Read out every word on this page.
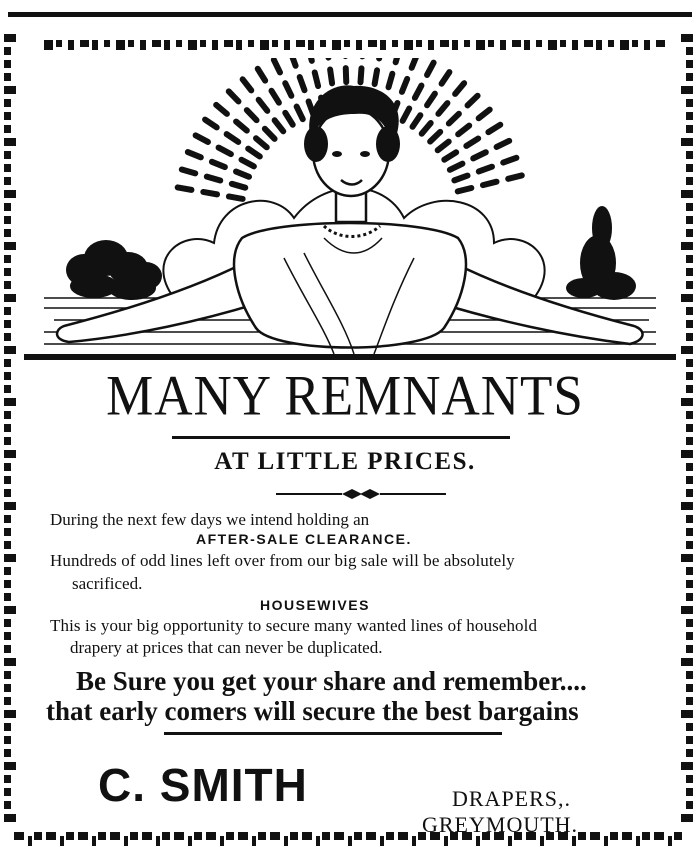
MANY REMNANTS
AT LITTLE PRICES.
During the next few days we intend holding an
AFTER-SALE CLEARANCE.
Hundreds of odd lines left over from our big sale will be absolutely
sacrificed.
HOUSEWIVES
This is your big opportunity to secure many wanted lines of household
drapery at prices that can never be duplicated.
Be Sure you get your share and remember....
that early comers will secure the best bargains
C. SMITH	DRAPERS,.
GREYMOUTH.
